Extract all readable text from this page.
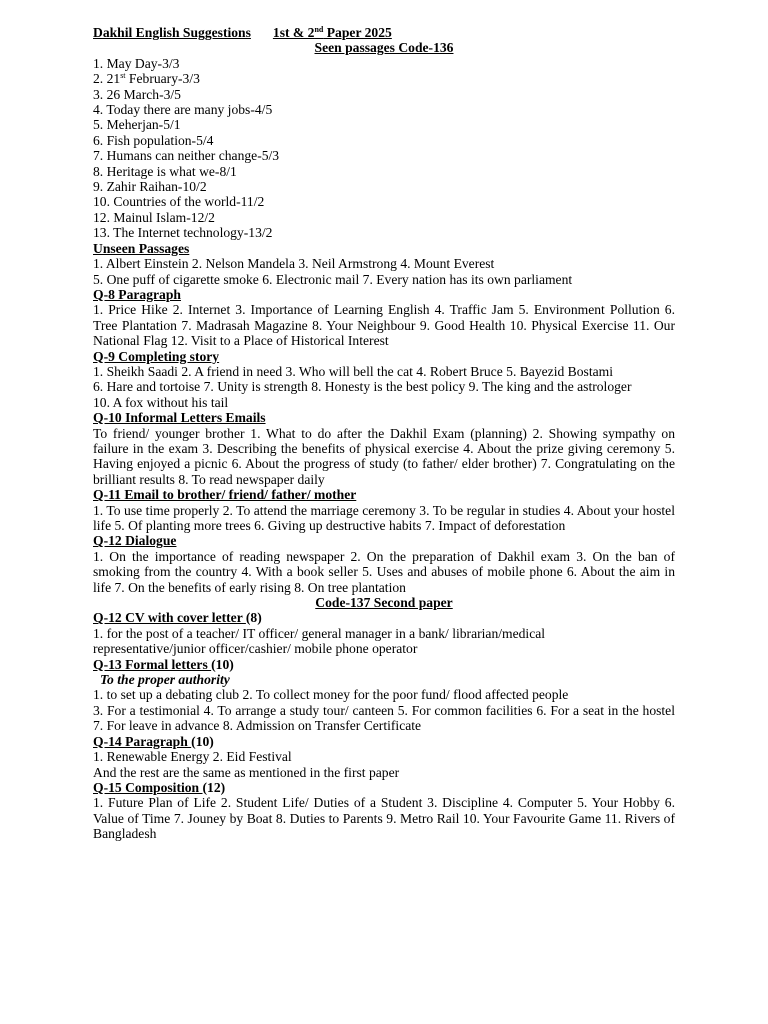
Dakhil English Suggestions 1st & 2nd Paper 2025
Seen passages Code-136
1. May Day-3/3
2. 21st February-3/3
3. 26 March-3/5
4. Today there are many jobs-4/5
5. Meherjan-5/1
6. Fish population-5/4
7. Humans can neither change-5/3
8. Heritage is what we-8/1
9. Zahir Raihan-10/2
10. Countries of the world-11/2
12. Mainul Islam-12/2
13. The Internet technology-13/2
Unseen Passages
1. Albert Einstein 2. Nelson Mandela 3. Neil Armstrong 4. Mount Everest
5. One puff of cigarette smoke 6. Electronic mail 7. Every nation has its own parliament
Q-8 Paragraph
1. Price Hike 2. Internet 3. Importance of Learning English 4. Traffic Jam 5. Environment Pollution 6. Tree Plantation 7. Madrasah Magazine 8. Your Neighbour 9. Good Health 10. Physical Exercise 11. Our National Flag 12. Visit to a Place of Historical Interest
Q-9 Completing story
1. Sheikh Saadi 2. A friend in need 3. Who will bell the cat 4. Robert Bruce 5. Bayezid Bostami
6. Hare and tortoise 7. Unity is strength 8. Honesty is the best policy 9. The king and the astrologer
10. A fox without his tail
Q-10 Informal Letters Emails
To friend/ younger brother 1. What to do after the Dakhil Exam (planning) 2. Showing sympathy on failure in the exam 3. Describing the benefits of physical exercise 4. About the prize giving ceremony 5. Having enjoyed a picnic 6. About the progress of study (to father/ elder brother) 7. Congratulating on the brilliant results 8. To read newspaper daily
Q-11 Email to brother/ friend/ father/ mother
1. To use time properly 2. To attend the marriage ceremony 3. To be regular in studies 4. About your hostel life 5. Of planting more trees 6. Giving up destructive habits 7. Impact of deforestation
Q-12 Dialogue
1. On the importance of reading newspaper 2. On the preparation of Dakhil exam 3. On the ban of smoking from the country 4. With a book seller 5. Uses and abuses of mobile phone 6. About the aim in life 7. On the benefits of early rising 8. On tree plantation
Code-137 Second paper
Q-12 CV with cover letter (8)
1. for the post of a teacher/ IT officer/ general manager in a bank/ librarian/medical
representative/junior officer/cashier/ mobile phone operator
Q-13 Formal letters (10)
To the proper authority
1. to set up a debating club 2. To collect money for the poor fund/ flood affected people
3. For a testimonial 4. To arrange a study tour/ canteen 5. For common facilities 6. For a seat in the hostel 7. For leave in advance 8. Admission on Transfer Certificate
Q-14 Paragraph (10)
1. Renewable Energy 2. Eid Festival
And the rest are the same as mentioned in the first paper
Q-15 Composition (12)
1. Future Plan of Life 2. Student Life/ Duties of a Student 3. Discipline 4. Computer 5. Your Hobby 6. Value of Time 7. Jouney by Boat 8. Duties to Parents 9. Metro Rail 10. Your Favourite Game 11. Rivers of Bangladesh
